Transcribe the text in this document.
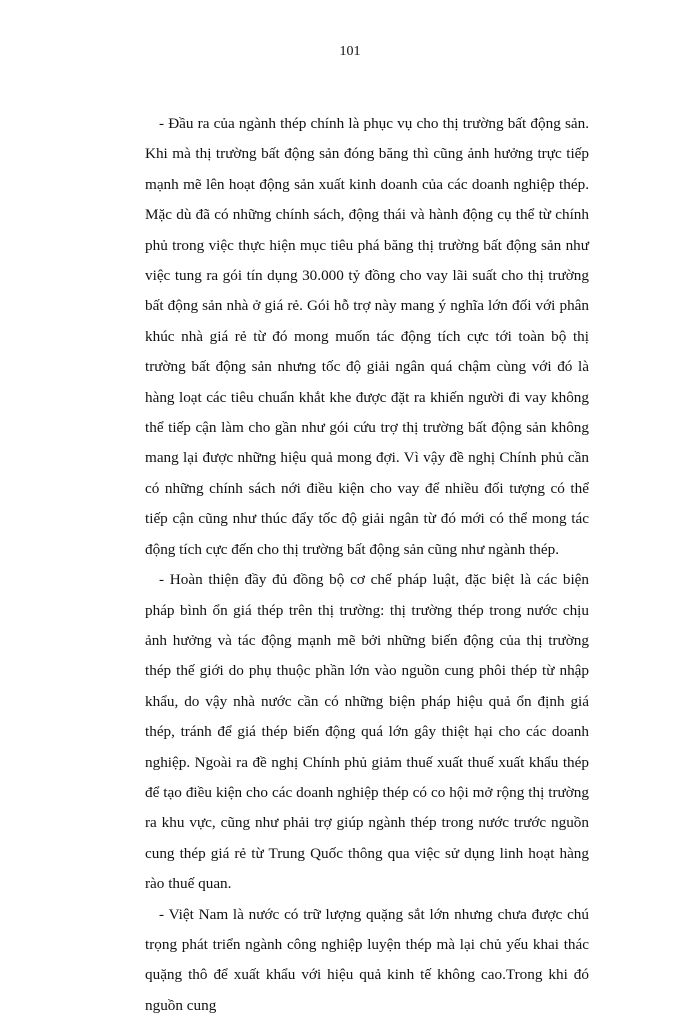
101

- Đầu ra của ngành thép chính là phục vụ cho thị trường bất động sản. Khi mà thị trường bất động sản đóng băng thì cũng ảnh hưởng trực tiếp mạnh mẽ lên hoạt động sản xuất kinh doanh của các doanh nghiệp thép. Mặc dù đã có những chính sách, động thái và hành động cụ thể từ chính phủ trong việc thực hiện mục tiêu phá băng thị trường bất động sản như việc tung ra gói tín dụng 30.000 tỷ đồng cho vay lãi suất cho thị trường bất động sản nhà ở giá rẻ. Gói hỗ trợ này mang ý nghĩa lớn đối với phân khúc nhà giá rẻ từ đó mong muốn tác động tích cực tới toàn bộ thị trường bất động sản nhưng tốc độ giải ngân quá chậm cùng với đó là hàng loạt các tiêu chuẩn khắt khe được đặt ra khiến người đi vay không thể tiếp cận làm cho gần như gói cứu trợ thị trường bất động sản không mang lại được những hiệu quả mong đợi. Vì vậy đề nghị Chính phủ cần có những chính sách nới điều kiện cho vay để nhiều đối tượng có thể tiếp cận cũng như thúc đẩy tốc độ giải ngân từ đó mới có thể mong tác động tích cực đến cho thị trường bất động sản cũng như ngành thép.

- Hoàn thiện đầy đủ đồng bộ cơ chế pháp luật, đặc biệt là các biện pháp bình ổn giá thép trên thị trường: thị trường thép trong nước chịu ảnh hưởng và tác động mạnh mẽ bởi những biến động của thị trường thép thế giới do phụ thuộc phần lớn vào nguồn cung phôi thép từ nhập khẩu, do vậy nhà nước cần có những biện pháp hiệu quả ổn định giá thép, tránh để giá thép biến động quá lớn gây thiệt hại cho các doanh nghiệp. Ngoài ra đề nghị Chính phủ giảm thuế xuất thuế xuất khẩu thép để tạo điều kiện cho các doanh nghiệp thép có co hội mở rộng thị trường ra khu vực, cũng như phải trợ giúp ngành thép trong nước trước nguồn cung thép giá rẻ từ Trung Quốc thông qua việc sử dụng linh hoạt hàng rào thuế quan.

- Việt Nam là nước có trữ lượng quặng sắt lớn nhưng chưa được chú trọng phát triển ngành công nghiệp luyện thép mà lại chủ yếu khai thác quặng thô để xuất khẩu với hiệu quả kinh tế không cao.Trong khi đó nguồn cung
